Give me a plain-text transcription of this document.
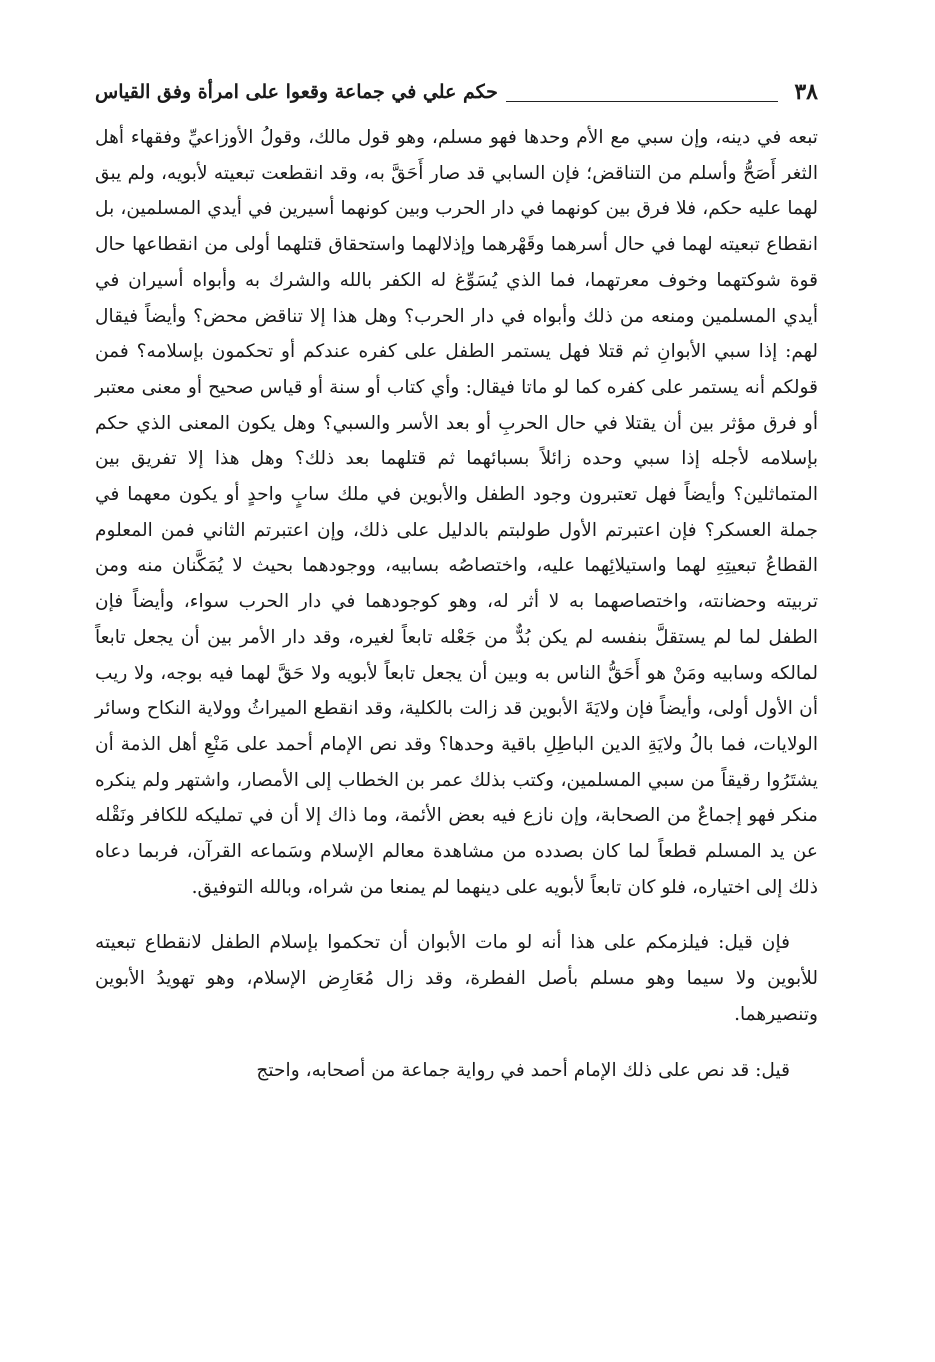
٣٨
حكم علي في جماعة وقعوا على امرأة وفق القياس

تبعه في دينه، وإن سبي مع الأم وحدها فهو مسلم، وهو قول مالك، وقولُ الأوزاعيِّ وفقهاء أهل الثغر أَصَحُّ وأسلم من التناقض؛ فإن السابي قد صار أَحَقَّ به، وقد انقطعت تبعيته لأبويه، ولم يبق لهما عليه حكم، فلا فرق بين كونهما في دار الحرب وبين كونهما أسيرين في أيدي المسلمين، بل انقطاع تبعيته لهما في حال أسرهما وقَهْرهما وإذلالهما واستحقاق قتلهما أولى من انقطاعها حال قوة شوكتهما وخوف معرتهما، فما الذي يُسَوِّغ له الكفر بالله والشرك به وأبواه أسيران في أيدي المسلمين ومنعه من ذلك وأبواه في دار الحرب؟ وهل هذا إلا تناقض محض؟ وأيضاً فيقال لهم: إذا سبي الأبوانِ ثم قتلا فهل يستمر الطفل على كفره عندكم أو تحكمون بإسلامه؟ فمن قولكم أنه يستمر على كفره كما لو ماتا فيقال: وأي كتاب أو سنة أو قياس صحيح أو معنى معتبر أو فرق مؤثر بين أن يقتلا في حال الحربِ أو بعد الأسر والسبي؟ وهل يكون المعنى الذي حكم بإسلامه لأجله إذا سبي وحده زائلاً بسبائهما ثم قتلهما بعد ذلك؟ وهل هذا إلا تفريق بين المتماثلين؟ وأيضاً فهل تعتبرون وجود الطفل والأبوين في ملك سابٍ واحدٍ أو يكون معهما في جملة العسكر؟ فإن اعتبرتم الأول طولبتم بالدليل على ذلك، وإن اعتبرتم الثاني فمن المعلوم القطاعُ تبعيتِهِ لهما واستيلائِهما عليه، واختصاصُه بسابيه، ووجودهما بحيث لا يُمَكَّنان منه ومن تربيته وحضانته، واختصاصهما به لا أثر له، وهو كوجودهما في دار الحرب سواء، وأيضاً فإن الطفل لما لم يستقلَّ بنفسه لم يكن بُدٌّ من جَعْله تابعاً لغيره، وقد دار الأمر بين أن يجعل تابعاً لمالكه وسابيه ومَنْ هو أَحَقُّ الناس به وبين أن يجعل تابعاً لأبويه ولا حَقَّ لهما فيه بوجه، ولا ريب أن الأول أولى، وأيضاً فإن ولايَةَ الأبوين قد زالت بالكلية، وقد انقطع الميراثُ وولاية النكاح وسائر الولايات، فما بالُ ولايَةِ الدين الباطِلِ باقية وحدها؟ وقد نص الإمام أحمد على مَنْعِ أهل الذمة أن يشتَرُوا رقيقاً من سبي المسلمين، وكتب بذلك عمر بن الخطاب إلى الأمصار، واشتهر ولم ينكره منكر فهو إجماعٌ من الصحابة، وإن نازع فيه بعض الأئمة، وما ذاك إلا أن في تمليكه للكافر ونَقْله عن يد المسلم قطعاً لما كان بصدده من مشاهدة معالم الإسلام وسَماعه القرآن، فربما دعاه ذلك إلى اختياره، فلو كان تابعاً لأبويه على دينهما لم يمنعا من شراه، وبالله التوفيق.

فإن قيل: فيلزمكم على هذا أنه لو مات الأبوان أن تحكموا بإسلام الطفل لانقطاع تبعيته للأبوين ولا سيما وهو مسلم بأصل الفطرة، وقد زال مُعَارِض الإسلام، وهو تهويدُ الأبوين وتنصيرهما.

قيل: قد نص على ذلك الإمام أحمد في رواية جماعة من أصحابه، واحتج
